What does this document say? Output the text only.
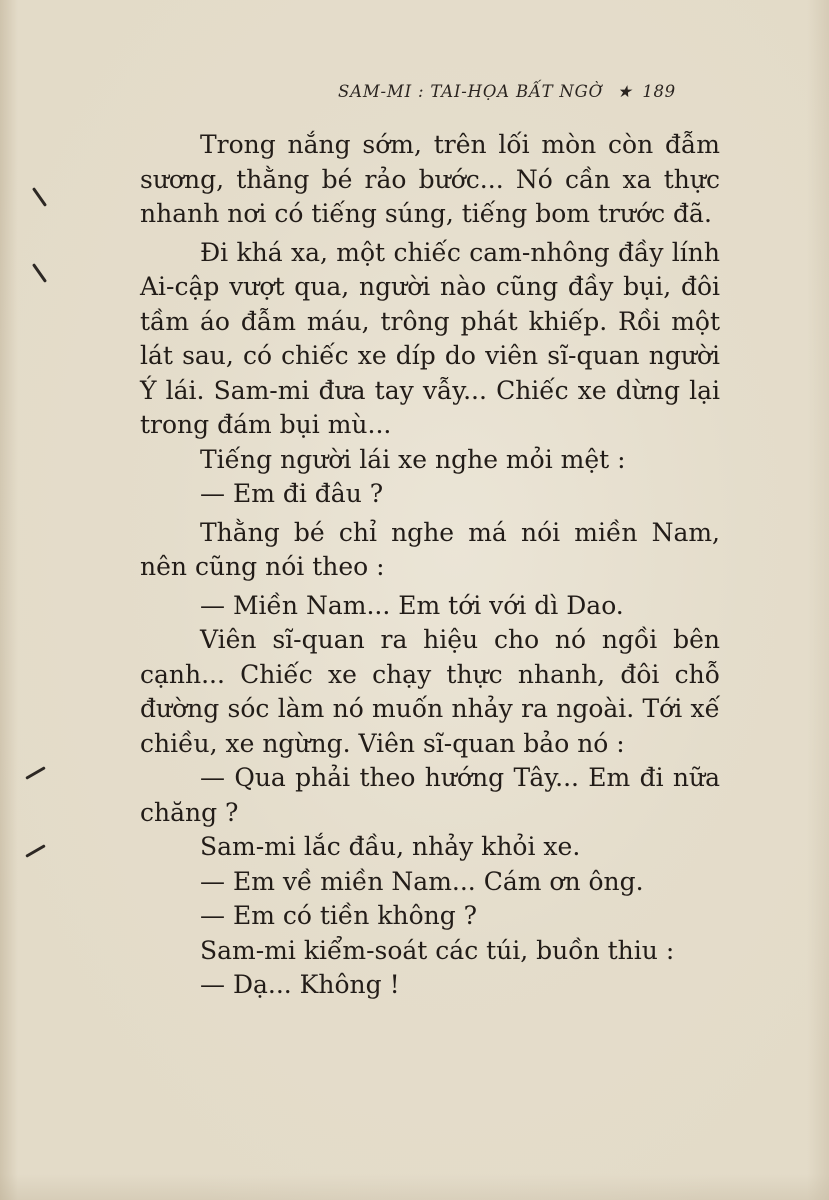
SAM-MI : TAI-HỌA BẤT NGỜ ★ 189

Trong nắng sớm, trên lối mòn còn đẫm sương, thằng bé rảo bước... Nó cần xa thực nhanh nơi có tiếng súng, tiếng bom trước đã.

Đi khá xa, một chiếc cam-nhông đầy lính Ai-cập vượt qua, người nào cũng đầy bụi, đôi tầm áo đẫm máu, trông phát khiếp. Rồi một lát sau, có chiếc xe díp do viên sĩ-quan người Ý lái. Sam-mi đưa tay vẫy... Chiếc xe dừng lại trong đám bụi mù...

Tiếng người lái xe nghe mỏi mệt :

— Em đi đâu ?

Thằng bé chỉ nghe má nói miền Nam, nên cũng nói theo :

— Miền Nam... Em tới với dì Dao.

Viên sĩ-quan ra hiệu cho nó ngồi bên cạnh... Chiếc xe chạy thực nhanh, đôi chỗ đường sóc làm nó muốn nhảy ra ngoài. Tới xế chiều, xe ngừng. Viên sĩ-quan bảo nó :

— Qua phải theo hướng Tây... Em đi nữa chăng ?

Sam-mi lắc đầu, nhảy khỏi xe.

— Em về miền Nam... Cám ơn ông.

— Em có tiền không ?

Sam-mi kiểm-soát các túi, buồn thiu :

— Dạ... Không !
